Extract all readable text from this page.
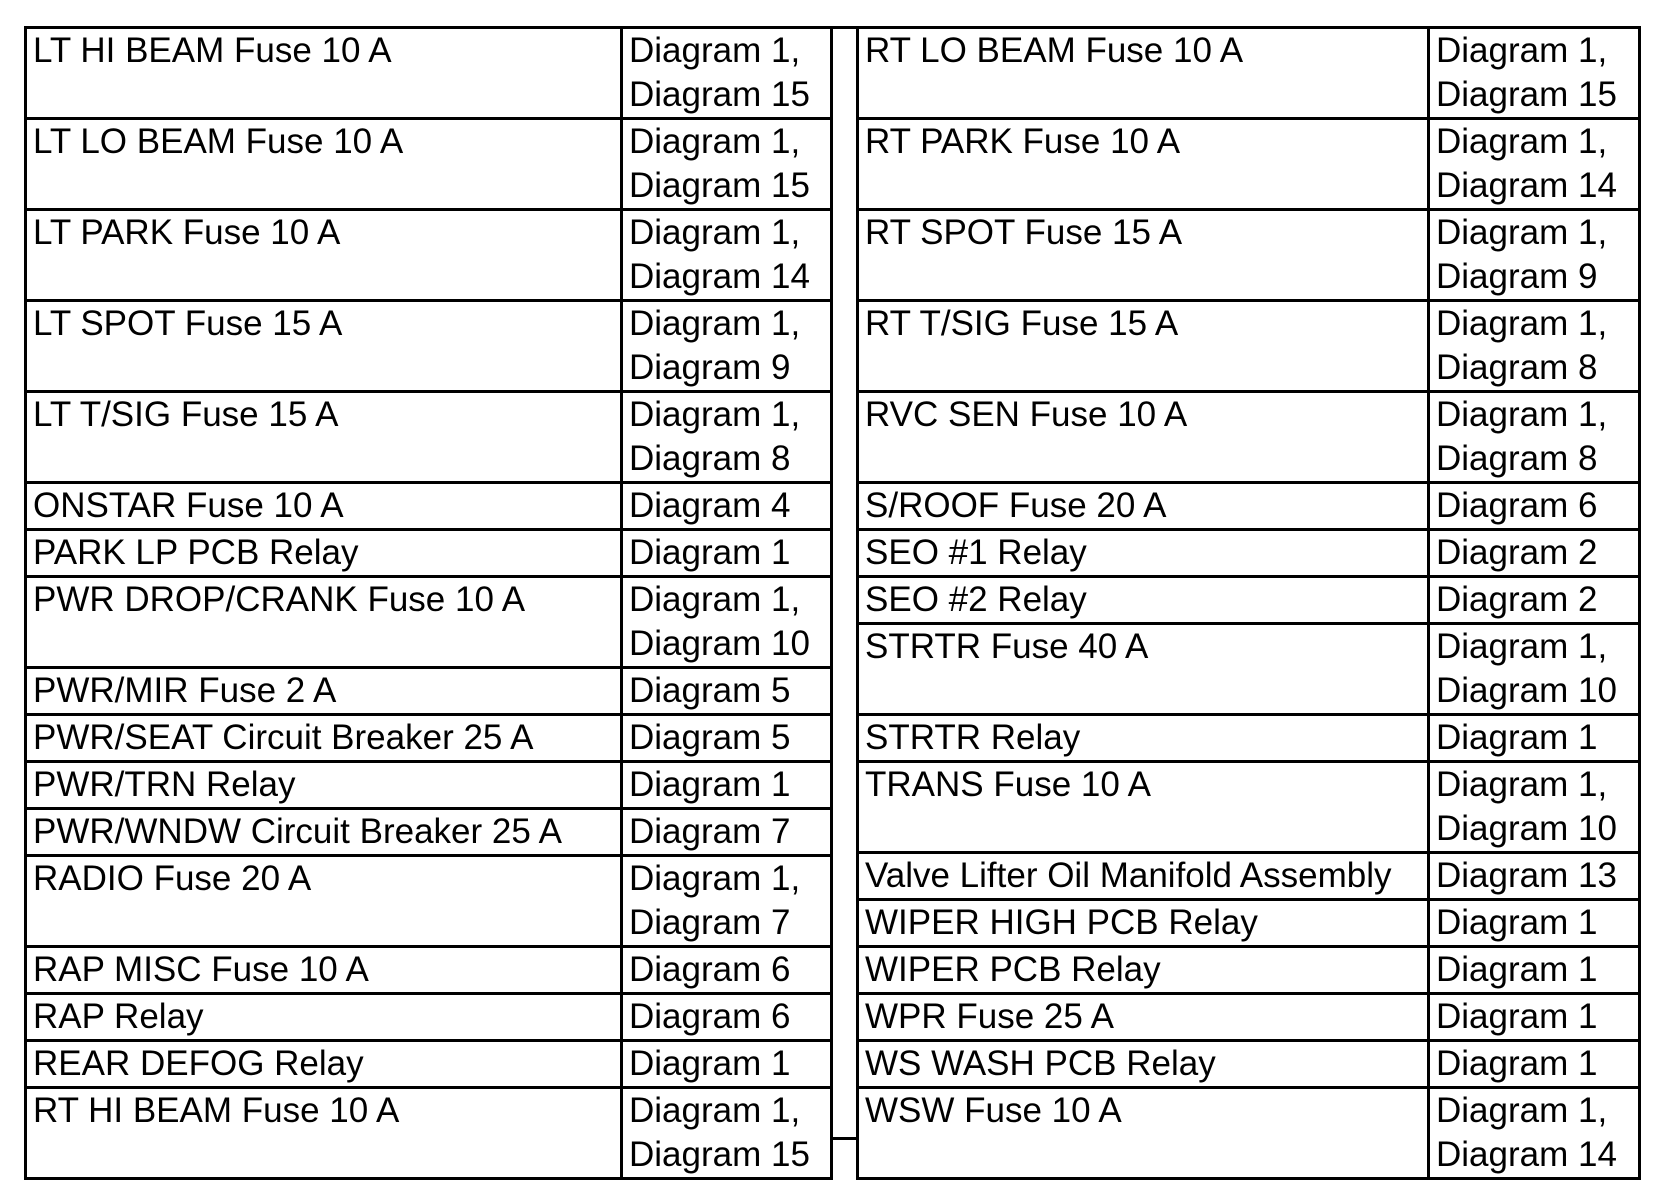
LT HI BEAM Fuse 10 A	Diagram 1,
Diagram 15

LT LO BEAM Fuse 10 A	Diagram 1,
Diagram 15

LT PARK Fuse 10 A	Diagram 1,
Diagram 14

LT SPOT Fuse 15 A	Diagram 1,
Diagram 9

LT T/SIG Fuse 15 A	Diagram 1,
Diagram 8

ONSTAR Fuse 10 A	Diagram 4

PARK LP PCB Relay	Diagram 1

PWR DROP/CRANK Fuse 10 A	Diagram 1,
Diagram 10

PWR/MIR Fuse 2 A	Diagram 5

PWR/SEAT Circuit Breaker 25 A	Diagram 5

PWR/TRN Relay	Diagram 1

PWR/WNDW Circuit Breaker 25 A	Diagram 7

RADIO Fuse 20 A	Diagram 1,
Diagram 7

RAP MISC Fuse 10 A	Diagram 6

RAP Relay	Diagram 6

REAR DEFOG Relay	Diagram 1

RT HI BEAM Fuse 10 A	Diagram 1,
Diagram 15
RT LO BEAM Fuse 10 A	Diagram 1,
Diagram 15

RT PARK Fuse 10 A	Diagram 1,
Diagram 14

RT SPOT Fuse 15 A	Diagram 1,
Diagram 9

RT T/SIG Fuse 15 A	Diagram 1,
Diagram 8

RVC SEN Fuse 10 A	Diagram 1,
Diagram 8

S/ROOF Fuse 20 A	Diagram 6

SEO #1 Relay	Diagram 2

SEO #2 Relay	Diagram 2

STRTR Fuse 40 A	Diagram 1,
Diagram 10

STRTR Relay	Diagram 1

TRANS Fuse 10 A	Diagram 1,
Diagram 10

Valve Lifter Oil Manifold Assembly	Diagram 13

WIPER HIGH PCB Relay	Diagram 1

WIPER PCB Relay	Diagram 1

WPR Fuse 25 A	Diagram 1

WS WASH PCB Relay	Diagram 1

WSW Fuse 10 A	Diagram 1,
Diagram 14
